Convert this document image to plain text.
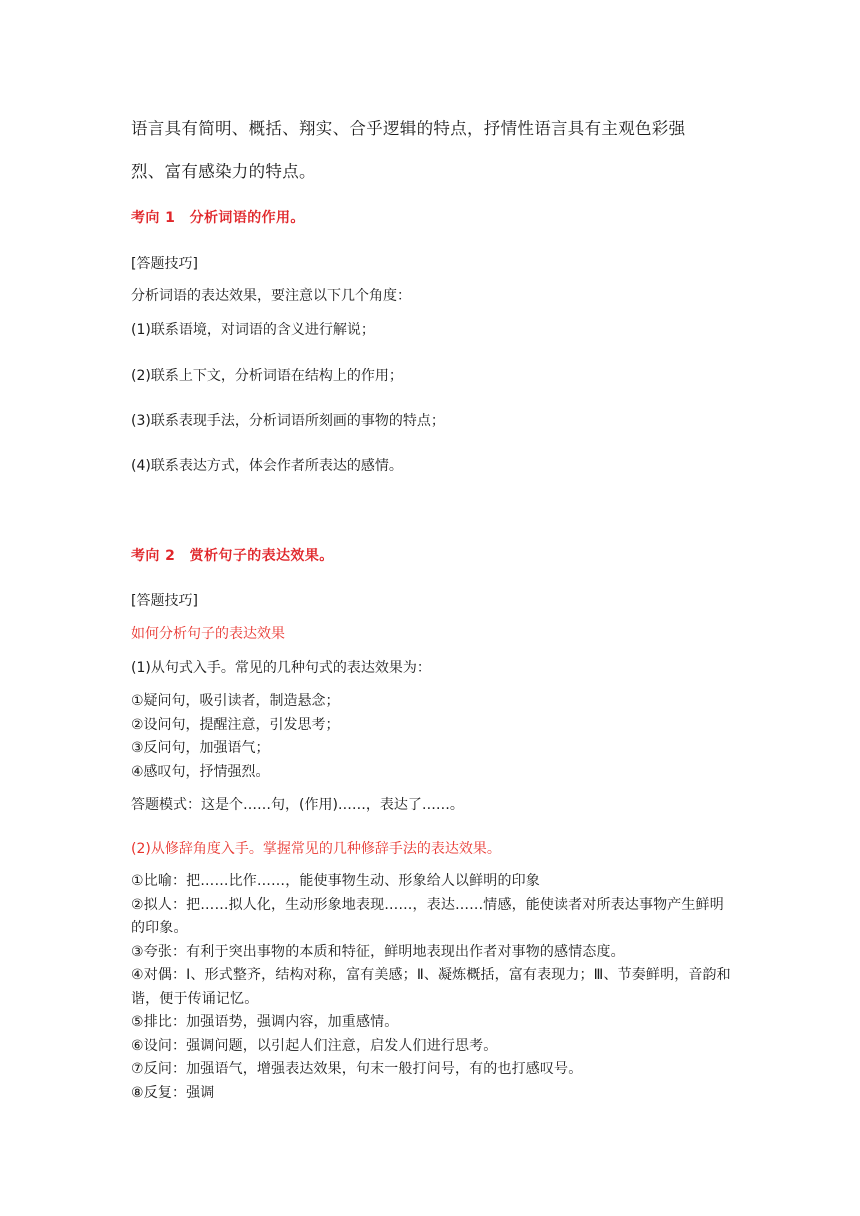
语言具有简明、概括、翔实、合乎逻辑的特点，抒情性语言具有主观色彩强
烈、富有感染力的特点。
考向 1　分析词语的作用。
[答题技巧]
分析词语的表达效果，要注意以下几个角度：
(1)联系语境，对词语的含义进行解说；
(2)联系上下文，分析词语在结构上的作用；
(3)联系表现手法，分析词语所刻画的事物的特点；
(4)联系表达方式，体会作者所表达的感情。
考向 2　赏析句子的表达效果。
[答题技巧]
如何分析句子的表达效果
(1)从句式入手。常见的几种句式的表达效果为：
①疑问句，吸引读者，制造悬念；
②设问句，提醒注意，引发思考；
③反问句，加强语气；
④感叹句，抒情强烈。
答题模式：这是个……句，(作用)……，表达了……。
(2)从修辞角度入手。掌握常见的几种修辞手法的表达效果。
①比喻：把……比作……，能使事物生动、形象给人以鲜明的印象
②拟人：把……拟人化，生动形象地表现……，表达……情感，能使读者对所表达事物产生鲜明的印象。
③夸张：有利于突出事物的本质和特征，鲜明地表现出作者对事物的感情态度。
④对偶：Ⅰ、形式整齐，结构对称，富有美感；Ⅱ、凝炼概括，富有表现力；Ⅲ、节奏鲜明，音韵和谐，便于传诵记忆。
⑤排比：加强语势，强调内容，加重感情。
⑥设问：强调问题，以引起人们注意，启发人们进行思考。
⑦反问：加强语气，增强表达效果，句末一般打问号，有的也打感叹号。
⑧反复：强调
